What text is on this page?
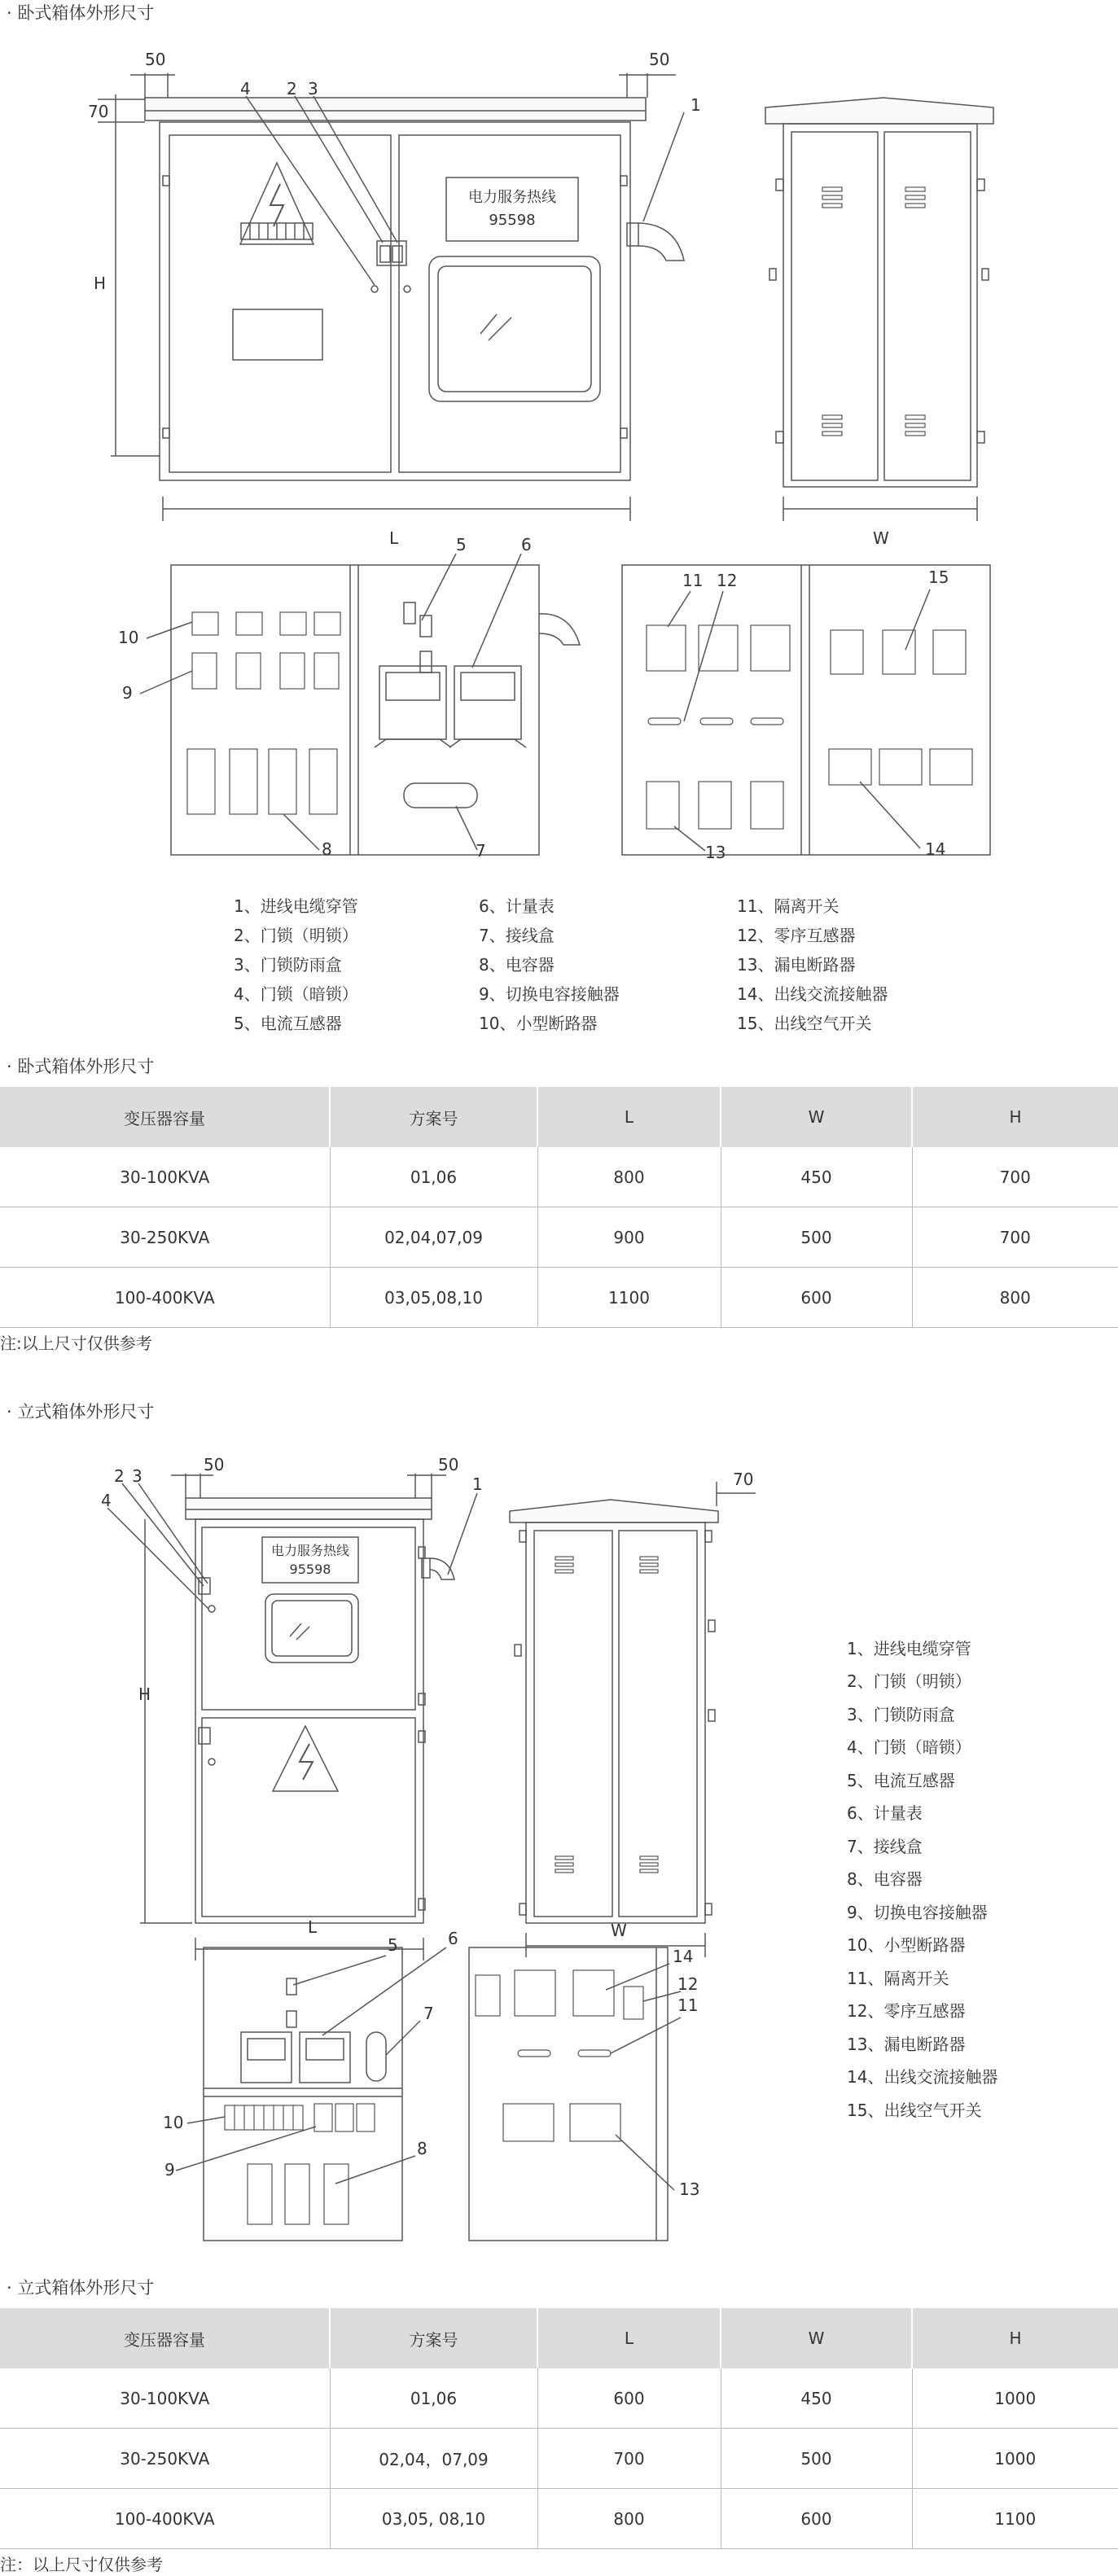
· 卧式箱体外形尺寸
50
70
H
50
电力服务热线
95598
4 2 3
1
L	W
10
9
8	7
5	6
11 12
13	14
15
1、进线电缆穿管
2、门锁（明锁）
3、门锁防雨盒
4、门锁（暗锁）
5、电流互感器
6、计量表
7、接线盒
8、电容器
9、切换电容接触器
10、小型断路器
11、隔离开关
12、零序互感器
13、漏电断路器
14、出线交流接触器
15、出线空气开关
· 卧式箱体外形尺寸
变压器容量	方案号	L	W	H
30-100KVA	01,06	800	450	700
30-250KVA	02,04,07,09	900	500	700
100-400KVA	03,05,08,10	1100	600	800
注:以上尺寸仅供参考
· 立式箱体外形尺寸
50	50
电力服务热线
95598
2 3
4
1
H
L
70
W
5	6
7
8
10
9
14
12
11
13
1、进线电缆穿管
2、门锁（明锁）
3、门锁防雨盒
4、门锁（暗锁）
5、电流互感器
6、计量表
7、接线盒
8、电容器
9、切换电容接触器
10、小型断路器
11、隔离开关
12、零序互感器
13、漏电断路器
14、出线交流接触器
15、出线空气开关
· 立式箱体外形尺寸
变压器容量	方案号	L	W	H
30-100KVA	01,06	600	450	1000
30-250KVA	02,04，07,09	700	500	1000
100-400KVA	03,05, 08,10	800	600	1100
注：以上尺寸仅供参考
